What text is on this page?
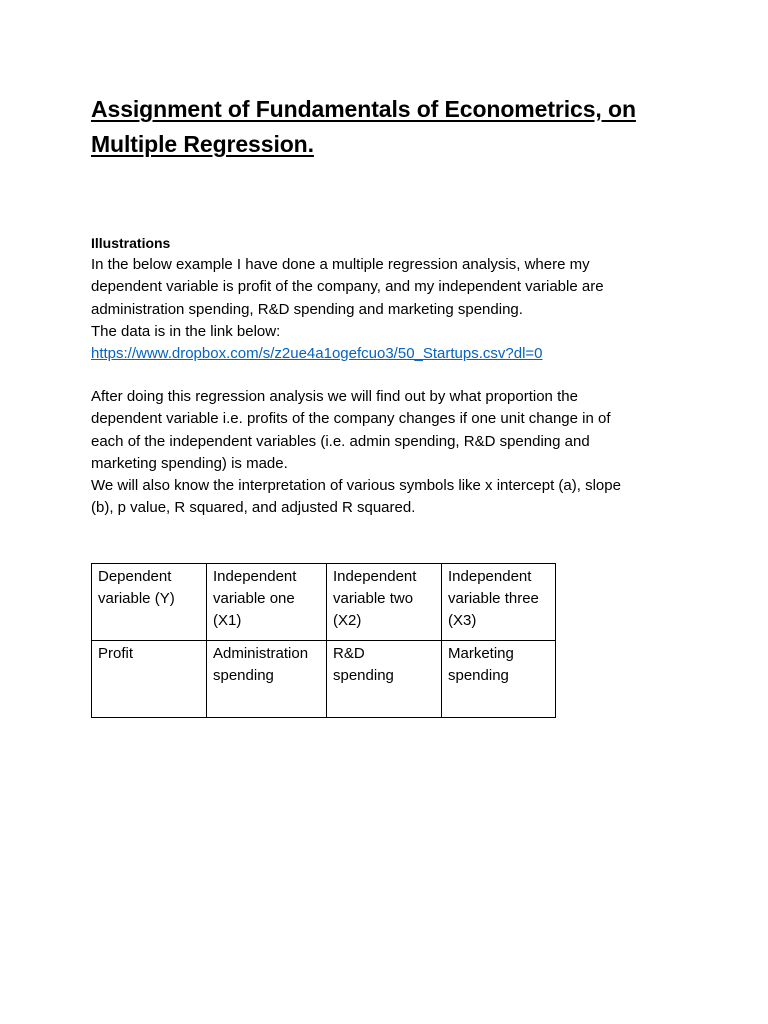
Assignment of Fundamentals of Econometrics, on
Multiple Regression.
Illustrations
In the below example I have done a multiple regression analysis, where my
dependent variable is profit of the company, and my independent variable are
administration spending, R&D spending and marketing spending.
The data is in the link below:
https://www.dropbox.com/s/z2ue4a1ogefcuo3/50_Startups.csv?dl=0
After doing this regression analysis we will find out by what proportion the
dependent variable i.e. profits of the company changes if one unit change in of
each of the independent variables (i.e. admin spending, R&D spending and
marketing spending) is made.
We will also know the interpretation of various symbols like x intercept (a), slope
(b), p value, R squared, and adjusted R squared.
Dependent
variable (Y)	Independent
variable one
(X1)	Independent
variable two
(X2)	Independent
variable three
(X3)

Profit	Administration
spending	R&D
spending	Marketing
spending
